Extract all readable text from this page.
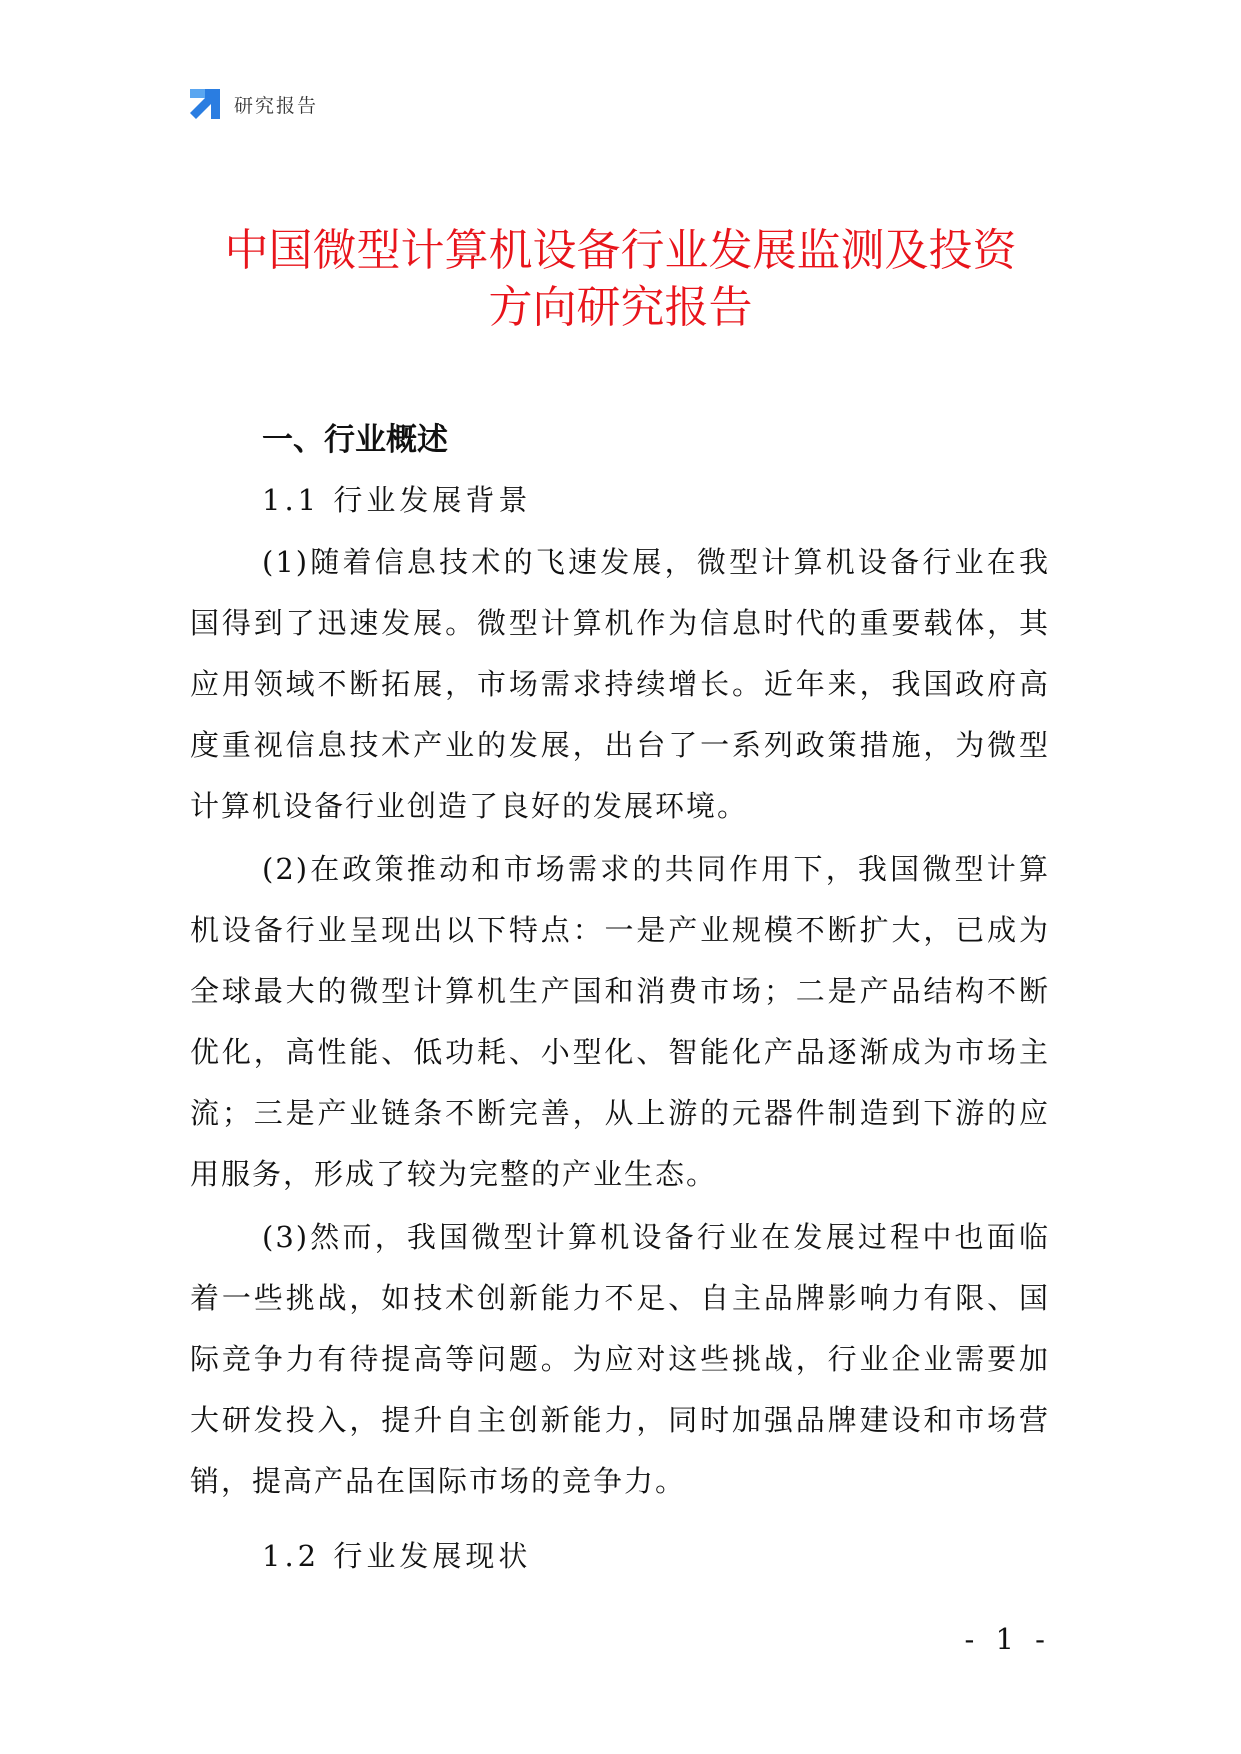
研究报告
中国微型计算机设备行业发展监测及投资
方向研究报告
一、行业概述
1.1 行业发展背景

(1)随着信息技术的飞速发展，微型计算机设备行业在我国得到了迅速发展。微型计算机作为信息时代的重要载体，其应用领域不断拓展，市场需求持续增长。近年来，我国政府高度重视信息技术产业的发展，出台了一系列政策措施，为微型计算机设备行业创造了良好的发展环境。

(2)在政策推动和市场需求的共同作用下，我国微型计算机设备行业呈现出以下特点：一是产业规模不断扩大，已成为全球最大的微型计算机生产国和消费市场；二是产品结构不断优化，高性能、低功耗、小型化、智能化产品逐渐成为市场主流；三是产业链条不断完善，从上游的元器件制造到下游的应用服务，形成了较为完整的产业生态。

(3)然而，我国微型计算机设备行业在发展过程中也面临着一些挑战，如技术创新能力不足、自主品牌影响力有限、国际竞争力有待提高等问题。为应对这些挑战，行业企业需要加大研发投入，提升自主创新能力，同时加强品牌建设和市场营销，提高产品在国际市场的竞争力。

1.2 行业发展现状
- 1 -
